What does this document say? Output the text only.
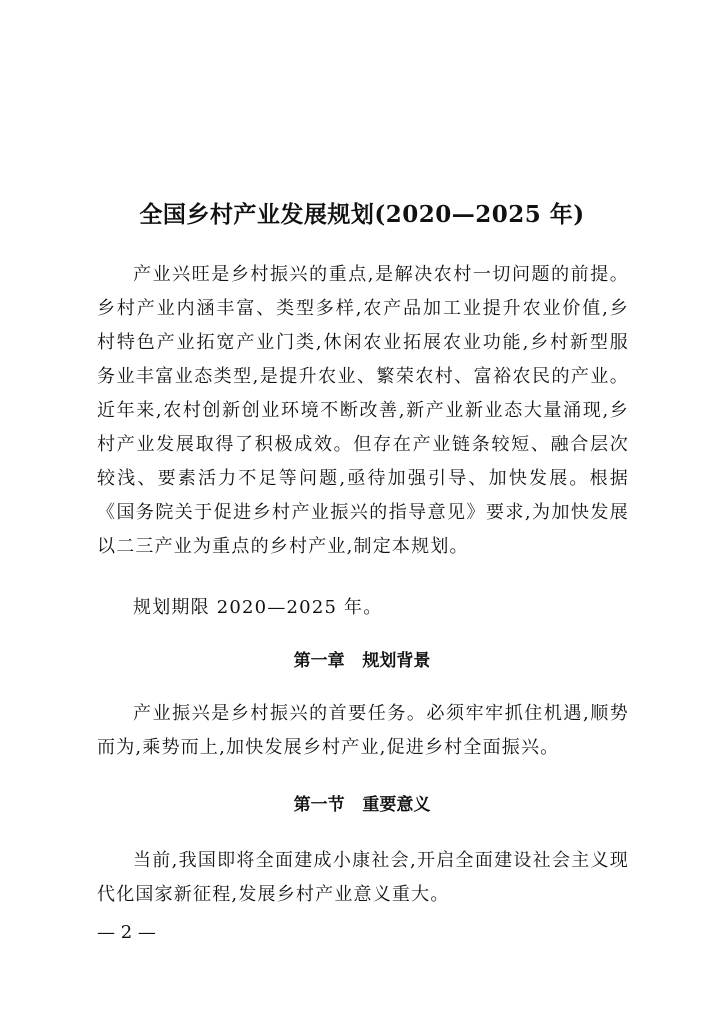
全国乡村产业发展规划(2020—2025 年)

产业兴旺是乡村振兴的重点,是解决农村一切问题的前提。乡村产业内涵丰富、类型多样,农产品加工业提升农业价值,乡村特色产业拓宽产业门类,休闲农业拓展农业功能,乡村新型服务业丰富业态类型,是提升农业、繁荣农村、富裕农民的产业。近年来,农村创新创业环境不断改善,新产业新业态大量涌现,乡村产业发展取得了积极成效。但存在产业链条较短、融合层次较浅、要素活力不足等问题,亟待加强引导、加快发展。根据《国务院关于促进乡村产业振兴的指导意见》要求,为加快发展以二三产业为重点的乡村产业,制定本规划。

规划期限 2020—2025 年。

第一章   规划背景

产业振兴是乡村振兴的首要任务。必须牢牢抓住机遇,顺势而为,乘势而上,加快发展乡村产业,促进乡村全面振兴。

第一节   重要意义

当前,我国即将全面建成小康社会,开启全面建设社会主义现代化国家新征程,发展乡村产业意义重大。

— 2 —
